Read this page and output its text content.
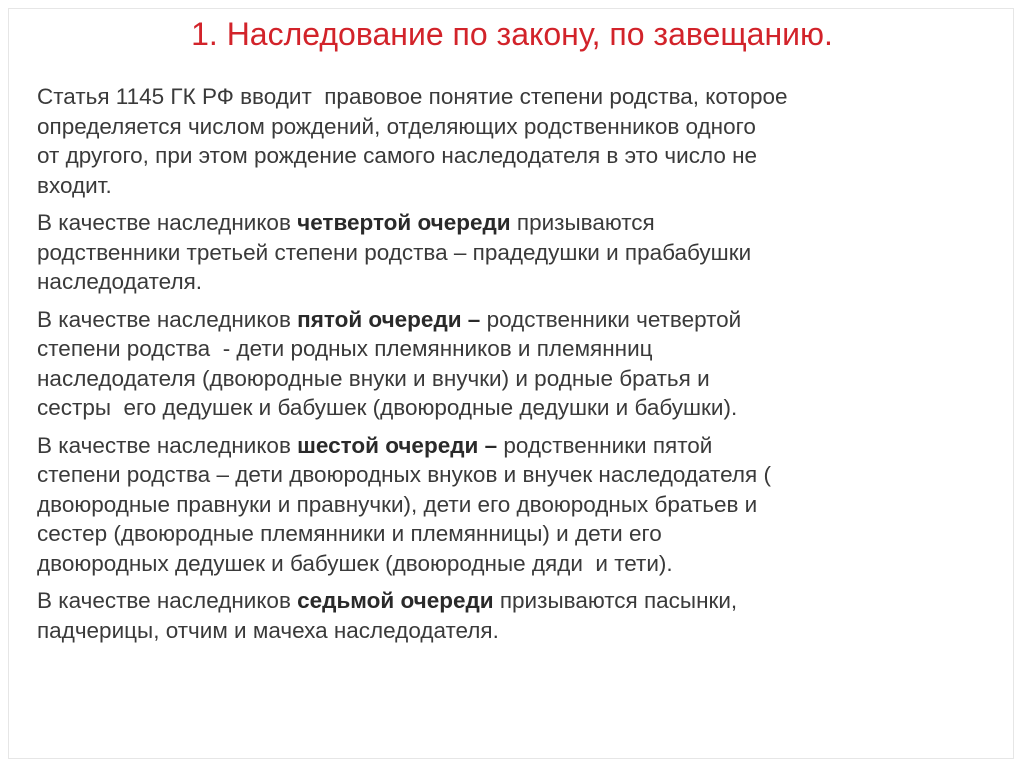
1. Наследование по закону, по завещанию.

Статья 1145 ГК РФ вводит  правовое понятие степени родства, которое
определяется числом рождений, отделяющих родственников одного
от другого, при этом рождение самого наследодателя в это число не
входит.

В качестве наследников четвертой очереди призываются
родственники третьей степени родства – прадедушки и прабабушки
наследодателя.

В качестве наследников пятой очереди – родственники четвертой
степени родства  - дети родных племянников и племянниц
наследодателя (двоюродные внуки и внучки) и родные братья и
сестры  его дедушек и бабушек (двоюродные дедушки и бабушки).

В качестве наследников шестой очереди – родственники пятой
степени родства – дети двоюродных внуков и внучек наследодателя (
двоюродные правнуки и правнучки), дети его двоюродных братьев и
сестер (двоюродные племянники и племянницы) и дети его
двоюродных дедушек и бабушек (двоюродные дяди  и тети).

В качестве наследников седьмой очереди призываются пасынки,
падчерицы, отчим и мачеха наследодателя.
